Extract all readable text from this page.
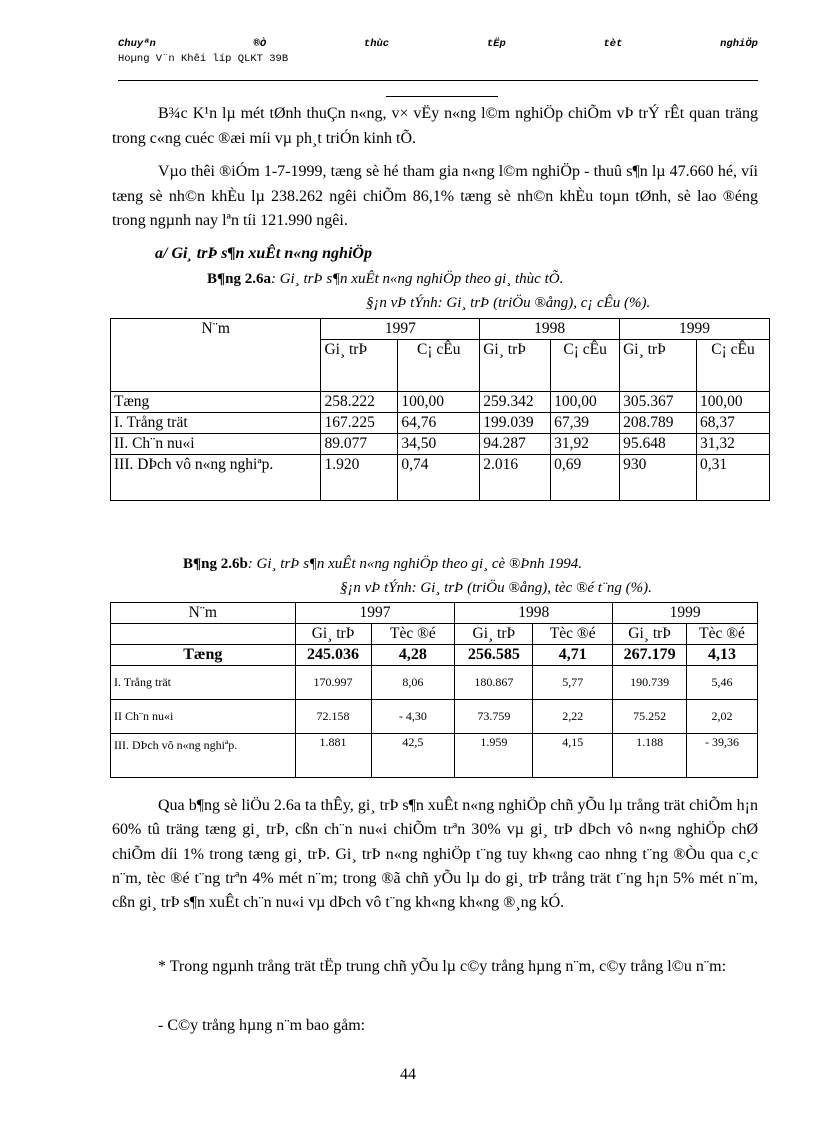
Chuyªn	®Ò	thùc	tËp	tèt	nghiÖp
Hoµng V¨n Khêi líp QLKT 39B

B¾c K¹n lµ mét tØnh thuÇn n«ng, v× vËy n«ng l©m nghiÖp chiÕm vÞ trÝ rÊt quan träng trong c«ng cuéc ®æi míi vµ ph¸t triÓn kinh tÕ.

Vµo thêi ®iÓm 1-7-1999, tæng sè hé tham gia n«ng l©m nghiÖp - thuû s¶n lµ 47.660 hé, víi tæng sè nh©n khÈu lµ 238.262 ngêi chiÕm 86,1% tæng sè nh©n khÈu toµn tØnh, sè lao ®éng trong ngµnh nay lªn tíi 121.990 ngêi.

a/ Gi¸ trÞ s¶n xuÊt n«ng nghiÖp
B¶ng 2.6a: Gi¸ trÞ s¶n xuÊt n«ng nghiÖp theo gi¸ thùc tÕ.
§¡n vÞ tÝnh: Gi¸ trÞ (triÖu ®ång), c¡ cÊu (%).
N¨m	1997		1998		1999	
	Gi¸ trÞ	C¡ cÊu	Gi¸ trÞ	C¡ cÊu	Gi¸ trÞ	C¡ cÊu
Tæng	258.222	100,00	259.342	100,00	305.367	100,00
I. Trång trät	167.225	64,76	199.039	67,39	208.789	68,37
II. Ch¨n nu«i	89.077	34,50	94.287	31,92	95.648	31,32
III. DÞch vô n«ng nghiªp.	1.920	0,74	2.016	0,69	930	0,31
B¶ng 2.6b: Gi¸ trÞ s¶n xuÊt n«ng nghiÖp theo gi¸ cè ®Þnh 1994.
§¡n vÞ tÝnh: Gi¸ trÞ (triÖu ®ång), tèc ®é t¨ng (%).
N¨m	1997		1998		1999	
	Gi¸ trÞ	Tèc ®é	Gi¸ trÞ	Tèc ®é	Gi¸ trÞ	Tèc ®é
Tæng	245.036	4,28	256.585	4,71	267.179	4,13
I. Trång trät	170.997	8,06	180.867	5,77	190.739	5,46
II Ch¨n nu«i	72.158	- 4,30	73.759	2,22	75.252	2,02
III. DÞch vô n«ng nghiªp.	1.881	42,5	1.959	4,15	1.188	- 39,36

Qua b¶ng sè liÖu 2.6a ta thÊy, gi¸ trÞ s¶n xuÊt n«ng nghiÖp chñ yÕu lµ trång trät chiÕm h¡n 60% tû träng tæng gi¸ trÞ, cßn ch¨n nu«i chiÕm trªn 30% vµ gi¸ trÞ dÞch vô n«ng nghiÖp chØ chiÕm díi 1% trong tæng gi¸ trÞ. Gi¸ trÞ n«ng nghiÖp t¨ng tuy kh«ng cao nhng t¨ng ®Òu qua c¸c n¨m, tèc ®é t¨ng trªn 4% mét n¨m; trong ®ã chñ yÕu lµ do gi¸ trÞ trång trät t¨ng h¡n 5% mét n¨m, cßn gi¸ trÞ s¶n xuÊt ch¨n nu«i vµ dÞch vô t¨ng kh«ng kh«ng ®¸ng kÓ.

* Trong ngµnh trång trät tËp trung chñ yÕu lµ c©y trång hµng n¨m, c©y trång l©u n¨m:

- C©y trång hµng n¨m bao gåm:

44
